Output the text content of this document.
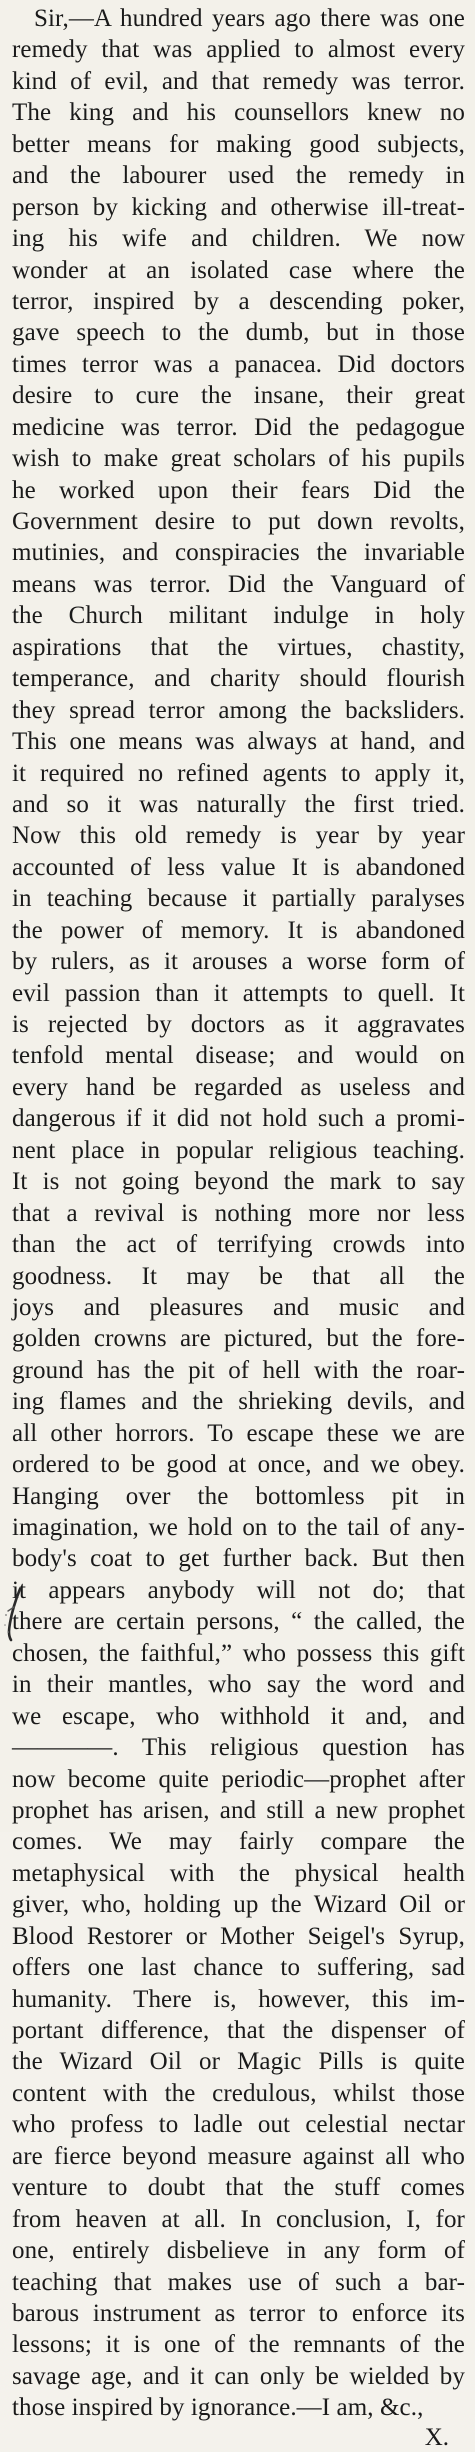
Sir,—A hundred years ago there was one
remedy that was applied to almost every
kind of evil, and that remedy was terror.
The king and his counsellors knew no
better means for making good subjects,
and the labourer used the remedy in
person by kicking and otherwise ill-treat-
ing his wife and children. We now
wonder at an isolated case where the
terror, inspired by a descending poker,
gave speech to the dumb, but in those
times terror was a panacea. Did doctors
desire to cure the insane, their great
medicine was terror. Did the pedagogue
wish to make great scholars of his pupils
he worked upon their fears Did the
Government desire to put down revolts,
mutinies, and conspiracies the invariable
means was terror. Did the Vanguard of
the Church militant indulge in holy
aspirations that the virtues, chastity,
temperance, and charity should flourish
they spread terror among the backsliders.
This one means was always at hand, and
it required no refined agents to apply it,
and so it was naturally the first tried.
Now this old remedy is year by year
accounted of less value It is abandoned
in teaching because it partially paralyses
the power of memory. It is abandoned
by rulers, as it arouses a worse form of
evil passion than it attempts to quell. It
is rejected by doctors as it aggravates
tenfold mental disease; and would on
every hand be regarded as useless and
dangerous if it did not hold such a promi-
nent place in popular religious teaching.
It is not going beyond the mark to say
that a revival is nothing more nor less
than the act of terrifying crowds into
goodness. It may be that all the
joys and pleasures and music and
golden crowns are pictured, but the fore-
ground has the pit of hell with the roar-
ing flames and the shrieking devils, and
all other horrors. To escape these we are
ordered to be good at once, and we obey.
Hanging over the bottomless pit in
imagination, we hold on to the tail of any-
body's coat to get further back. But then
it appears anybody will not do; that
there are certain persons, “ the called, the
chosen, the faithful,” who possess this gift
in their mantles, who say the word and
we escape, who withhold it and, and
————. This religious question has
now become quite periodic—prophet after
prophet has arisen, and still a new prophet
comes. We may fairly compare the
metaphysical with the physical health
giver, who, holding up the Wizard Oil or
Blood Restorer or Mother Seigel's Syrup,
offers one last chance to suffering, sad
humanity. There is, however, this im-
portant difference, that the dispenser of
the Wizard Oil or Magic Pills is quite
content with the credulous, whilst those
who profess to ladle out celestial nectar
are fierce beyond measure against all who
venture to doubt that the stuff comes
from heaven at all. In conclusion, I, for
one, entirely disbelieve in any form of
teaching that makes use of such a bar-
barous instrument as terror to enforce its
lessons; it is one of the remnants of the
savage age, and it can only be wielded by
those inspired by ignorance.—I am, &c.,
X.
